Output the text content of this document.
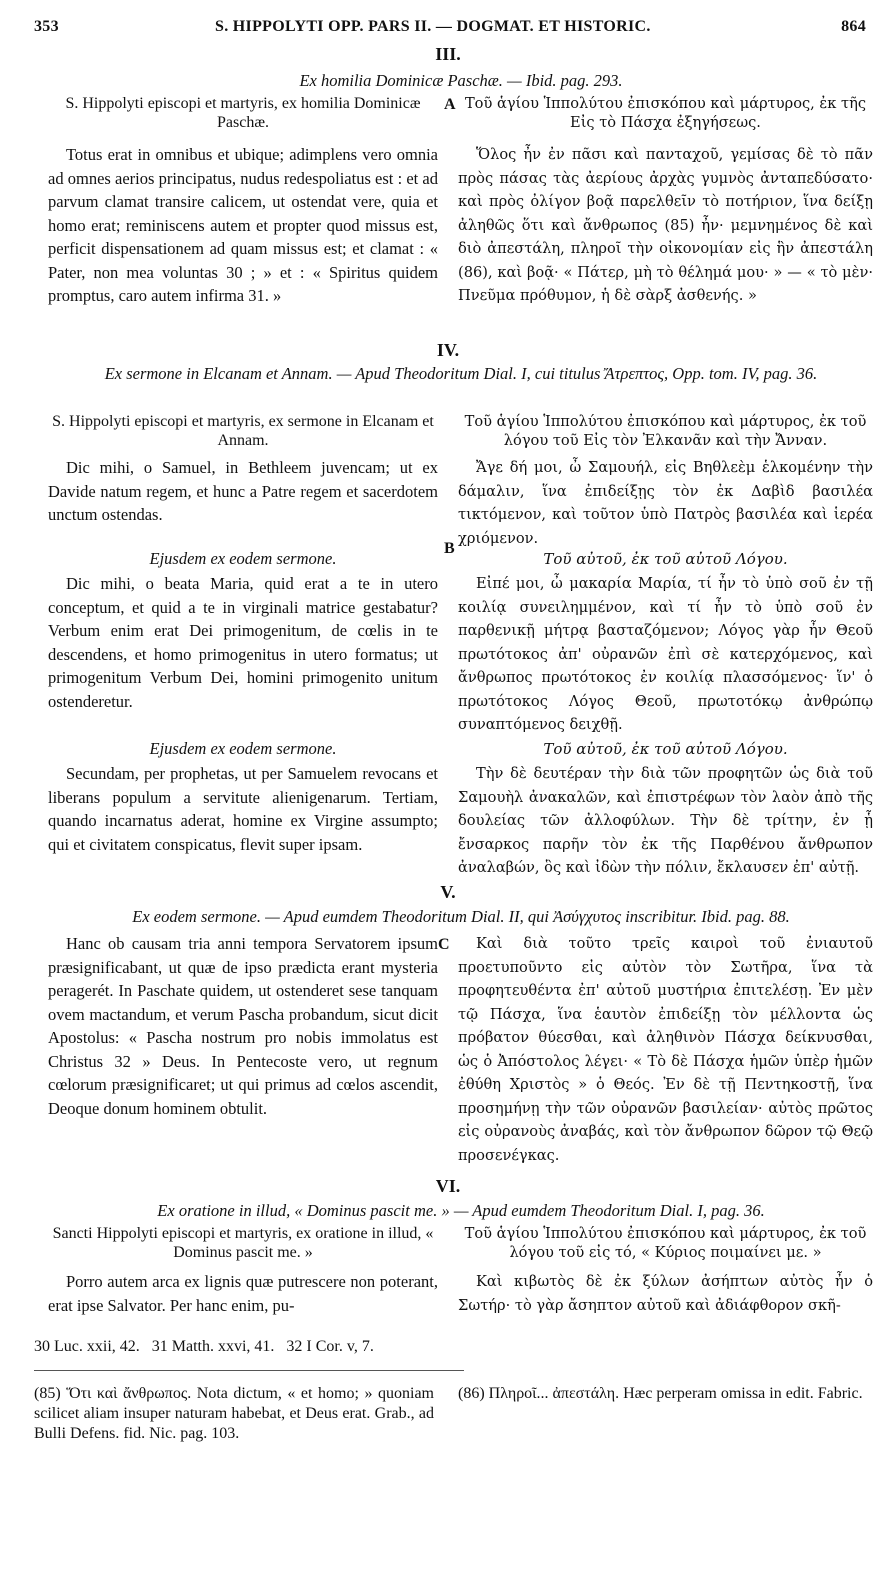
353	S. HIPPOLYTI OPP. PARS II. — DOGMAT. ET HISTORIC.	864
III.
Ex homilia Dominicæ Paschæ. — Ibid. pag. 293.
S. Hippolyti episcopi et martyris, ex homilia Dominicæ Paschæ.
A Τοῦ ἁγίου Ἱππολύτου ἐπισκόπου καὶ μάρτυρος, ἐκ τῆς Εἰς τὸ Πάσχα ἐξηγήσεως.
Totus erat in omnibus et ubique; adimplens vero omnia ad omnes aerios principatus, nudus redespoliatus est : et ad parvum clamat transire calicem, ut ostendat vere, quia et homo erat; reminiscens autem et propter quod missus est, perficit dispensationem ad quam missus est; et clamat : « Pater, non mea voluntas 30 ; » et : « Spiritus quidem promptus, caro autem infirma 31. »
Ὅλος ἦν ἐν πᾶσι καὶ πανταχοῦ, γεμίσας δὲ τὸ πᾶν πρὸς πάσας τὰς ἀερίους ἀρχὰς γυμνὸς ἀνταπεδύσατο· καὶ πρὸς ὀλίγον βοᾷ παρελθεῖν τὸ ποτήριον, ἵνα δείξῃ ἀληθῶς ὅτι καὶ ἄνθρωπος (85) ἦν· μεμνημένος δὲ καὶ διὸ ἀπεστάλη, πληροῖ τὴν οἰκονομίαν εἰς ἣν ἀπεστάλη (86), καὶ βοᾷ· « Πάτερ, μὴ τὸ θέλημά μου· » — « τὸ μὲν· Πνεῦμα πρόθυμον, ἡ δὲ σὰρξ ἀσθενής. »
IV.
Ex sermone in Elcanam et Annam. — Apud Theodoritum Dial. I, cui titulus Ἄτρεπτος, Opp. tom. IV, pag. 36.
S. Hippolyti episcopi et martyris, ex sermone in Elcanam et Annam.
Τοῦ ἁγίου Ἱππολύτου ἐπισκόπου καὶ μάρτυρος, ἐκ τοῦ λόγου τοῦ Εἰς τὸν Ἐλκανᾶν καὶ τὴν Ἄνναν.
Dic mihi, o Samuel, in Bethleem juvencam; ut ex Davide natum regem, et hunc a Patre regem et sacerdotem unctum ostendas.
Ἄγε δή μοι, ὦ Σαμουήλ, εἰς Βηθλεὲμ ἑλκομένην τὴν δάμαλιν, ἵνα ἐπιδείξῃς τὸν ἐκ Δαβὶδ βασιλέα τικτόμενον, καὶ τοῦτον ὑπὸ Πατρὸς βασιλέα καὶ ἱερέα χριόμενον.
Ejusdem ex eodem sermone.
B
Τοῦ αὐτοῦ, ἐκ τοῦ αὐτοῦ Λόγου.
Dic mihi, o beata Maria, quid erat a te in utero conceptum, et quid a te in virginali matrice gestabatur? Verbum enim erat Dei primogenitum, de cœlis in te descendens, et homo primogenitus in utero formatus; ut primogenitum Verbum Dei, homini primogenito unitum ostenderetur.
Εἰπέ μοι, ὦ μακαρία Μαρία, τί ἦν τὸ ὑπὸ σοῦ ἐν τῇ κοιλίᾳ συνειλημμένον, καὶ τί ἦν τὸ ὑπὸ σοῦ ἐν παρθενικῇ μήτρᾳ βασταζόμενον; Λόγος γὰρ ἦν Θεοῦ πρωτότοκος ἀπ' οὐρανῶν ἐπὶ σὲ κατερχόμενος, καὶ ἄνθρωπος πρωτότοκος ἐν κοιλίᾳ πλασσόμενος· ἵν' ὁ πρωτότοκος Λόγος Θεοῦ, πρωτοτόκῳ ἀνθρώπῳ συναπτόμενος δειχθῇ.
Ejusdem ex eodem sermone.	Τοῦ αὐτοῦ, ἐκ τοῦ αὐτοῦ Λόγου.
Secundam, per prophetas, ut per Samuelem revocans et liberans populum a servitute alienigenarum. Tertiam, quando incarnatus aderat, homine ex Virgine assumpto; qui et civitatem conspicatus, flevit super ipsam.
Τὴν δὲ δευτέραν τὴν διὰ τῶν προφητῶν ὡς διὰ τοῦ Σαμουὴλ ἀνακαλῶν, καὶ ἐπιστρέφων τὸν λαὸν ἀπὸ τῆς δουλείας τῶν ἀλλοφύλων. Τὴν δὲ τρίτην, ἐν ᾗ ἔνσαρκος παρῆν τὸν ἐκ τῆς Παρθένου ἄνθρωπον ἀναλαβών, ὃς καὶ ἰδὼν τὴν πόλιν, ἔκλαυσεν ἐπ' αὐτῇ.
V.
Ex eodem sermone. — Apud eumdem Theodoritum Dial. II, qui Ἀσύγχυτος inscribitur. Ibid. pag. 88.
C
Hanc ob causam tria anni tempora Servatorem ipsum præsignificabant, ut quæ de ipso prædicta erant mysteria peragerét. In Paschate quidem, ut ostenderet sese tanquam ovem mactandum, et verum Pascha probandum, sicut dicit Apostolus: « Pascha nostrum pro nobis immolatus est Christus 32 » Deus. In Pentecoste vero, ut regnum cœlorum præsignificaret; ut qui primus ad cœlos ascendit, Deoque donum hominem obtulit.
Καὶ διὰ τοῦτο τρεῖς καιροὶ τοῦ ἐνιαυτοῦ προετυποῦντο εἰς αὐτὸν τὸν Σωτῆρα, ἵνα τὰ προφητευθέντα ἐπ' αὐτοῦ μυστήρια ἐπιτελέσῃ. Ἐν μὲν τῷ Πάσχα, ἵνα ἑαυτὸν ἐπιδείξῃ τὸν μέλλοντα ὡς πρόβατον θύεσθαι, καὶ ἀληθινὸν Πάσχα δείκνυσθαι, ὡς ὁ Ἀπόστολος λέγει· « Τὸ δὲ Πάσχα ἡμῶν ὑπὲρ ἡμῶν ἐθύθη Χριστὸς » ὁ Θεός. Ἐν δὲ τῇ Πεντηκοστῇ, ἵνα προσημήνῃ τὴν τῶν οὐρανῶν βασιλείαν· αὐτὸς πρῶτος εἰς οὐρανοὺς ἀναβάς, καὶ τὸν ἄνθρωπον δῶρον τῷ Θεῷ προσενέγκας.
VI.
Ex oratione in illud, « Dominus pascit me. » — Apud eumdem Theodoritum Dial. I, pag. 36.
Sancti Hippolyti episcopi et martyris, ex oratione in illud, « Dominus pascit me. »
Τοῦ ἁγίου Ἱππολύτου ἐπισκόπου καὶ μάρτυρος, ἐκ τοῦ λόγου τοῦ εἰς τό, « Κύριος ποιμαίνει με. »
Porro autem arca ex lignis quæ putrescere non poterant, erat ipse Salvator. Per hanc enim, pu-
Καὶ κιβωτὸς δὲ ἐκ ξύλων ἀσήπτων αὐτὸς ἦν ὁ Σωτήρ· τὸ γὰρ ἄσηπτον αὐτοῦ καὶ ἀδιάφθορον σκῆ-
30 Luc. xxii, 42.   31 Matth. xxvi, 41.   32 I Cor. v, 7.
(85) Ὅτι καὶ ἄνθρωπος. Nota dictum, « et homo; » quoniam scilicet aliam insuper naturam habebat, et Deus erat. Grab., ad Bulli Defens. fid. Nic. pag. 103.
(86) Πληροῖ... ἀπεστάλη. Hæc perperam omissa in edit. Fabric.
